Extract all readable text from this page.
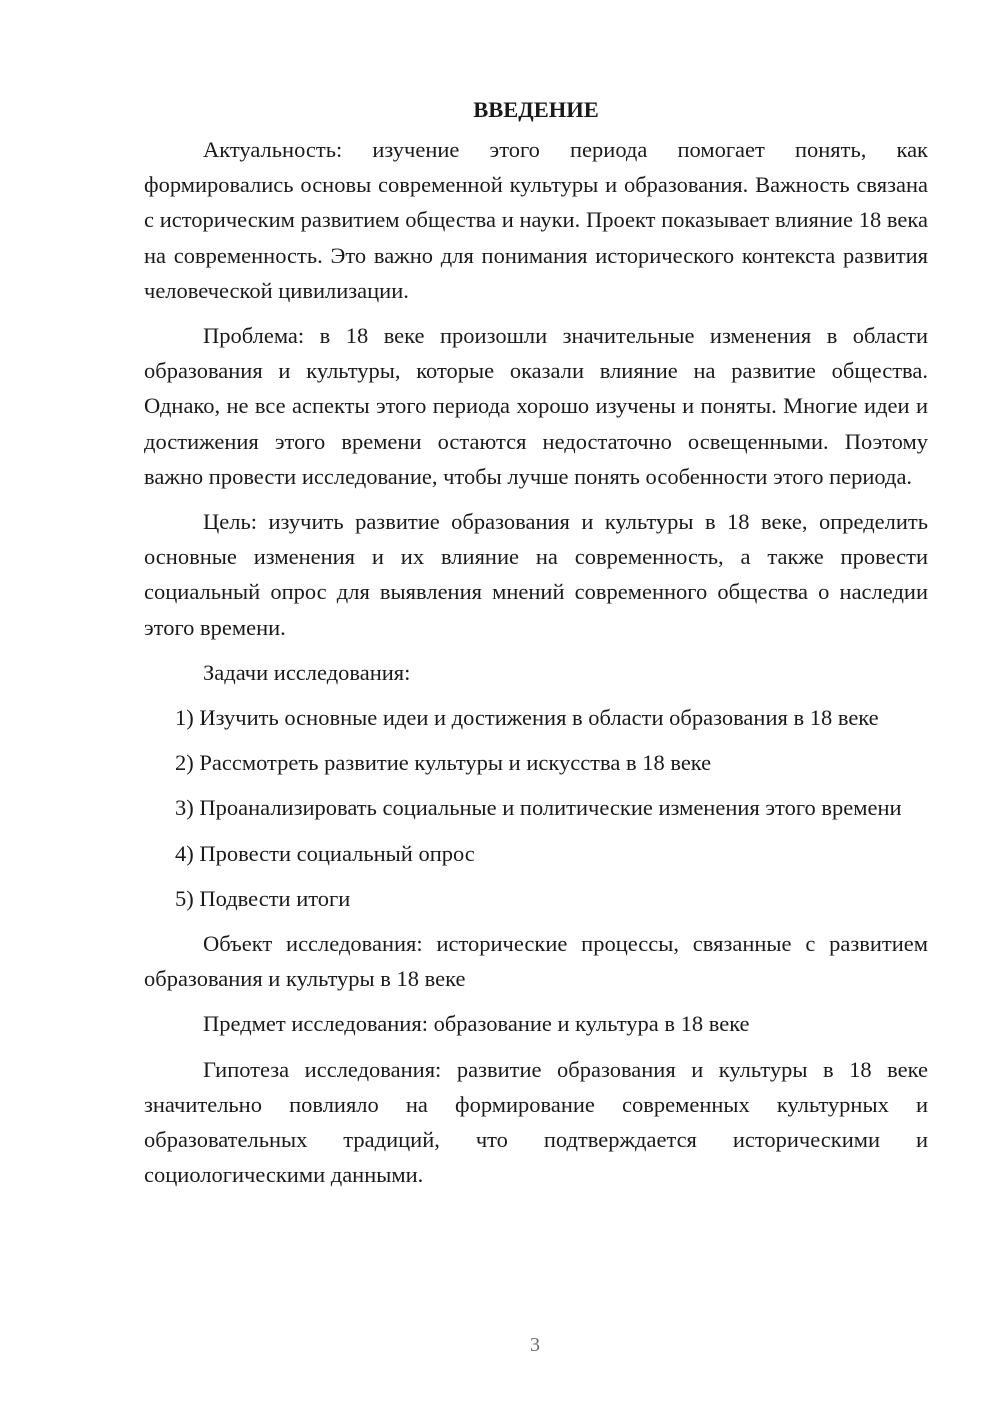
ВВЕДЕНИЕ

Актуальность: изучение этого периода помогает понять, как формировались основы современной культуры и образования. Важность связана с историческим развитием общества и науки. Проект показывает влияние 18 века на современность. Это важно для понимания исторического контекста развития человеческой цивилизации.

Проблема: в 18 веке произошли значительные изменения в области образования и культуры, которые оказали влияние на развитие общества. Однако, не все аспекты этого периода хорошо изучены и поняты. Многие идеи и достижения этого времени остаются недостаточно освещенными. Поэтому важно провести исследование, чтобы лучше понять особенности этого периода.

Цель: изучить развитие образования и культуры в 18 веке, определить основные изменения и их влияние на современность, а также провести социальный опрос для выявления мнений современного общества о наследии этого времени.

Задачи исследования:

1) Изучить основные идеи и достижения в области образования в 18 веке

2) Рассмотреть развитие культуры и искусства в 18 веке

3) Проанализировать социальные и политические изменения этого времени

4) Провести социальный опрос

5) Подвести итоги

Объект исследования: исторические процессы, связанные с развитием образования и культуры в 18 веке

Предмет исследования: образование и культура в 18 веке

Гипотеза исследования: развитие образования и культуры в 18 веке значительно повлияло на формирование современных культурных и образовательных традиций, что подтверждается историческими и социологическими данными.

3
